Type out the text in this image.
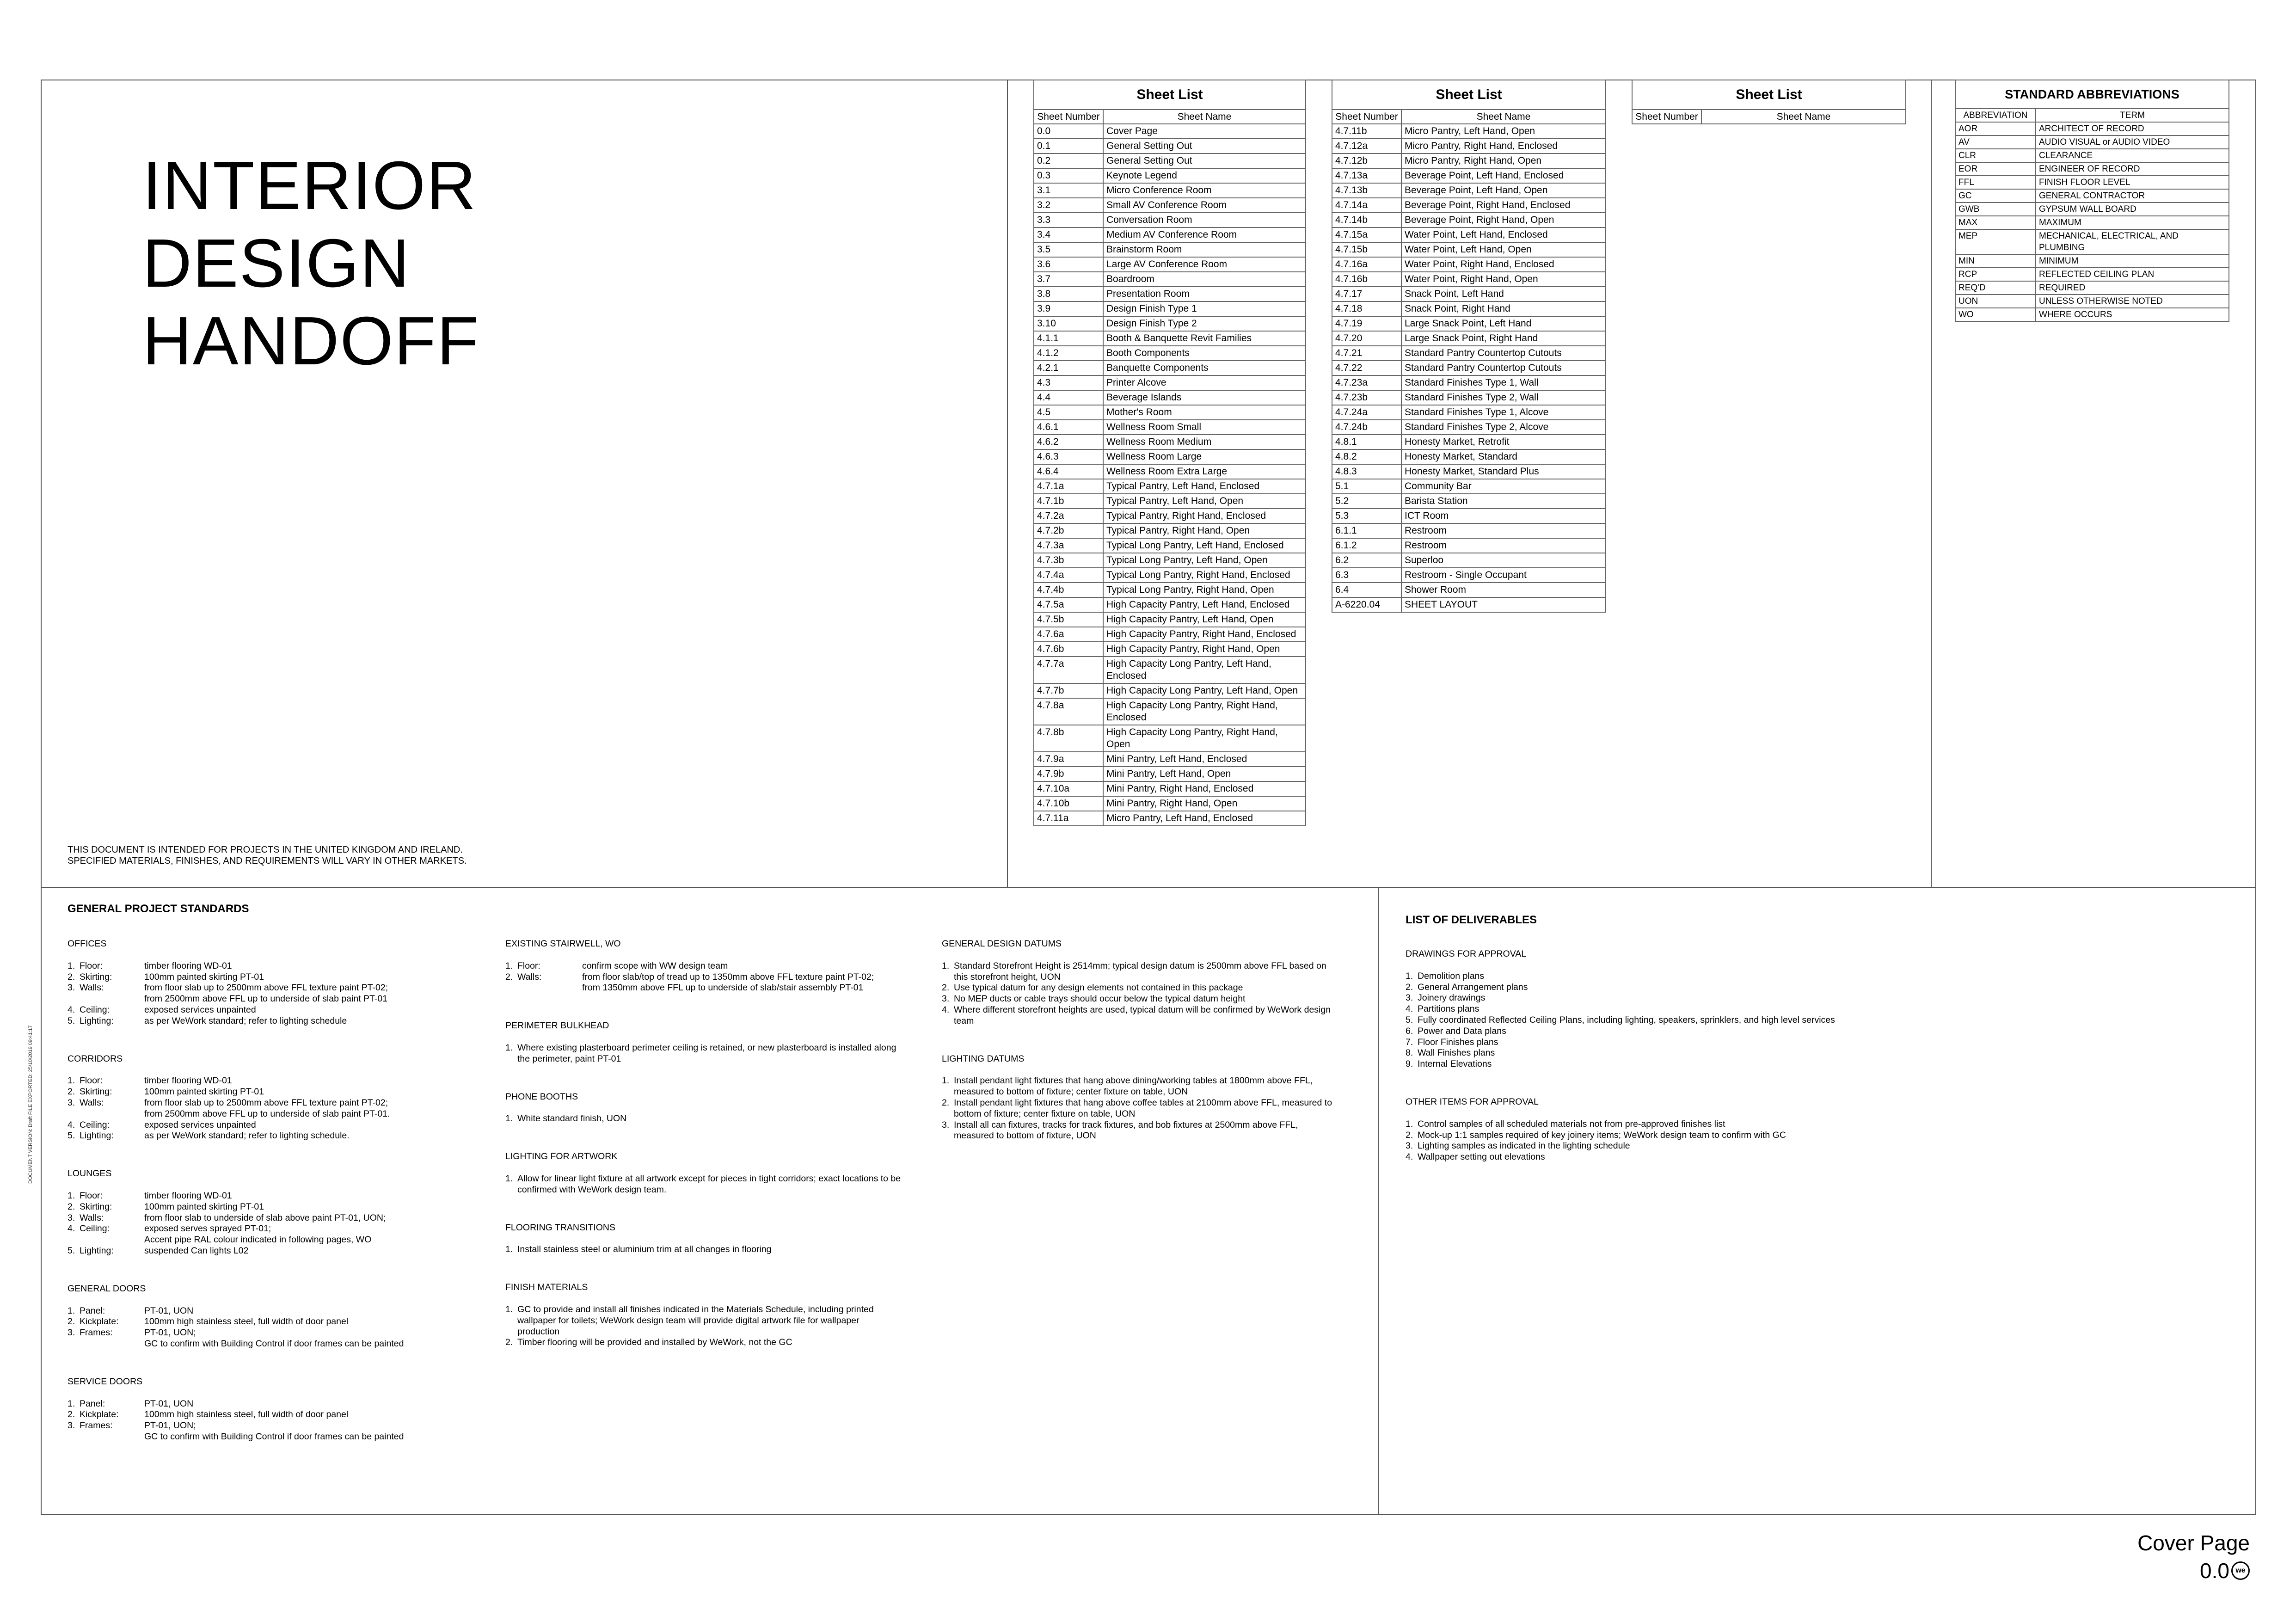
INTERIOR
DESIGN
HANDOFF
THIS DOCUMENT IS INTENDED FOR PROJECTS IN THE UNITED KINGDOM AND IRELAND.
SPECIFIED MATERIALS, FINISHES, AND REQUIREMENTS WILL VARY IN OTHER MARKETS.
Sheet List	
Sheet Number	Sheet Name
0.0	Cover Page
0.1	General Setting Out
0.2	General Setting Out
0.3	Keynote Legend
3.1	Micro Conference Room
3.2	Small AV Conference Room
3.3	Conversation Room
3.4	Medium AV Conference Room
3.5	Brainstorm Room
3.6	Large AV Conference Room
3.7	Boardroom
3.8	Presentation Room
3.9	Design Finish Type 1
3.10	Design Finish Type 2
4.1.1	Booth & Banquette Revit Families
4.1.2	Booth Components
4.2.1	Banquette Components
4.3	Printer Alcove
4.4	Beverage Islands
4.5	Mother's Room
4.6.1	Wellness Room Small
4.6.2	Wellness Room Medium
4.6.3	Wellness Room Large
4.6.4	Wellness Room Extra Large
4.7.1a	Typical Pantry, Left Hand, Enclosed
4.7.1b	Typical Pantry, Left Hand, Open
4.7.2a	Typical Pantry, Right Hand, Enclosed
4.7.2b	Typical Pantry, Right Hand, Open
4.7.3a	Typical Long Pantry, Left Hand, Enclosed
4.7.3b	Typical Long Pantry, Left Hand, Open
4.7.4a	Typical Long Pantry, Right Hand, Enclosed
4.7.4b	Typical Long Pantry, Right Hand, Open
4.7.5a	High Capacity Pantry, Left Hand, Enclosed
4.7.5b	High Capacity Pantry, Left Hand, Open
4.7.6a	High Capacity Pantry, Right Hand, Enclosed
4.7.6b	High Capacity Pantry, Right Hand, Open
4.7.7a	High Capacity Long Pantry, Left Hand, Enclosed
4.7.7b	High Capacity Long Pantry, Left Hand, Open
4.7.8a	High Capacity Long Pantry, Right Hand, Enclosed
4.7.8b	High Capacity Long Pantry, Right Hand, Open
4.7.9a	Mini Pantry, Left Hand, Enclosed
4.7.9b	Mini Pantry, Left Hand, Open
4.7.10a	Mini Pantry, Right Hand, Enclosed
4.7.10b	Mini Pantry, Right Hand, Open
4.7.11a	Micro Pantry, Left Hand, Enclosed
Sheet List	
Sheet Number	Sheet Name
4.7.11b	Micro Pantry, Left Hand, Open
4.7.12a	Micro Pantry, Right Hand, Enclosed
4.7.12b	Micro Pantry, Right Hand, Open
4.7.13a	Beverage Point, Left Hand, Enclosed
4.7.13b	Beverage Point, Left Hand, Open
4.7.14a	Beverage Point, Right Hand, Enclosed
4.7.14b	Beverage Point, Right Hand, Open
4.7.15a	Water Point, Left Hand, Enclosed
4.7.15b	Water Point, Left Hand, Open
4.7.16a	Water Point, Right Hand, Enclosed
4.7.16b	Water Point, Right Hand, Open
4.7.17	Snack Point, Left Hand
4.7.18	Snack Point, Right Hand
4.7.19	Large Snack Point, Left Hand
4.7.20	Large Snack Point, Right Hand
4.7.21	Standard Pantry Countertop Cutouts
4.7.22	Standard Pantry Countertop Cutouts
4.7.23a	Standard Finishes Type 1, Wall
4.7.23b	Standard Finishes Type 2, Wall
4.7.24a	Standard Finishes Type 1, Alcove
4.7.24b	Standard Finishes Type 2, Alcove
4.8.1	Honesty Market, Retrofit
4.8.2	Honesty Market, Standard
4.8.3	Honesty Market, Standard Plus
5.1	Community Bar
5.2	Barista Station
5.3	ICT Room
6.1.1	Restroom
6.1.2	Restroom
6.2	Superloo
6.3	Restroom - Single Occupant
6.4	Shower Room
A-6220.04	SHEET LAYOUT
Sheet List
Sheet Number	Sheet Name
STANDARD ABBREVIATIONS	
ABBREVIATION	TERM
AOR	ARCHITECT OF RECORD
AV	AUDIO VISUAL or AUDIO VIDEO
CLR	CLEARANCE
EOR	ENGINEER OF RECORD
FFL	FINISH FLOOR LEVEL
GC	GENERAL CONTRACTOR
GWB	GYPSUM WALL BOARD
MAX	MAXIMUM
MEP	MECHANICAL, ELECTRICAL, AND PLUMBING
MIN	MINIMUM
RCP	REFLECTED CEILING PLAN
REQ'D	REQUIRED
UON	UNLESS OTHERWISE NOTED
WO	WHERE OCCURS
GENERAL PROJECT STANDARDS
OFFICES
1. Floor:	timber flooring WD-01
2. Skirting:	100mm painted skirting PT-01
3. Walls:	from floor slab up to 2500mm above FFL texture paint PT-02;
from 2500mm above FFL up to underside of slab paint PT-01
4. Ceiling:	exposed services unpainted
5. Lighting:	as per WeWork standard; refer to lighting schedule
CORRIDORS
1. Floor:	timber flooring WD-01
2. Skirting:	100mm painted skirting PT-01
3. Walls:	from floor slab up to 2500mm above FFL texture paint PT-02;
from 2500mm above FFL up to underside of slab paint PT-01.
4. Ceiling:	exposed services unpainted
5. Lighting:	as per WeWork standard; refer to lighting schedule.
LOUNGES
1. Floor:	timber flooring WD-01
2. Skirting:	100mm painted skirting PT-01
3. Walls:	from floor slab to underside of slab above paint PT-01, UON;
4. Ceiling:	exposed serves sprayed PT-01;
Accent pipe RAL colour indicated in following pages, WO
5. Lighting:	suspended Can lights L02
GENERAL DOORS
1. Panel:	PT-01, UON
2. Kickplate:	100mm high stainless steel, full width of door panel
3. Frames:	PT-01, UON;
GC to confirm with Building Control if door frames can be painted
SERVICE DOORS
1. Panel:	PT-01, UON
2. Kickplate:	100mm high stainless steel, full width of door panel
3. Frames:	PT-01, UON;
GC to confirm with Building Control if door frames can be painted
EXISTING STAIRWELL, WO
1. Floor:	confirm scope with WW design team
2. Walls:	from floor slab/top of tread up to 1350mm above FFL texture paint PT-02;
from 1350mm above FFL up to underside of slab/stair assembly PT-01
PERIMETER BULKHEAD
1. Where existing plasterboard perimeter ceiling is retained, or new plasterboard is installed along the perimeter, paint PT-01
PHONE BOOTHS
1. White standard finish, UON
LIGHTING FOR ARTWORK
1. Allow for linear light fixture at all artwork except for pieces in tight corridors; exact locations to be confirmed with WeWork design team.
FLOORING TRANSITIONS
1. Install stainless steel or aluminium trim at all changes in flooring
FINISH MATERIALS
1. GC to provide and install all finishes indicated in the Materials Schedule, including printed wallpaper for toilets; WeWork design team will provide digital artwork file for wallpaper production
2. Timber flooring will be provided and installed by WeWork, not the GC
GENERAL DESIGN DATUMS
1. Standard Storefront Height is 2514mm; typical design datum is 2500mm above FFL based on this storefront height, UON
2. Use typical datum for any design elements not contained in this package
3. No MEP ducts or cable trays should occur below the typical datum height
4. Where different storefront heights are used, typical datum will be confirmed by WeWork design team
LIGHTING DATUMS
1. Install pendant light fixtures that hang above dining/working tables at 1800mm above FFL, measured to bottom of fixture; center fixture on table, UON
2. Install pendant light fixtures that hang above coffee tables at 2100mm above FFL, measured to bottom of fixture; center fixture on table, UON
3. Install all can fixtures, tracks for track fixtures, and bob fixtures at 2500mm above FFL, measured to bottom of fixture, UON
LIST OF DELIVERABLES
DRAWINGS FOR APPROVAL
1. Demolition plans
2. General Arrangement plans
3. Joinery drawings
4. Partitions plans
5. Fully coordinated Reflected Ceiling Plans, including lighting, speakers, sprinklers, and high level services
6. Power and Data plans
7. Floor Finishes plans
8. Wall Finishes plans
9. Internal Elevations
OTHER ITEMS FOR APPROVAL
1. Control samples of all scheduled materials not from pre-approved finishes list
2. Mock-up 1:1 samples required of key joinery items; WeWork design team to confirm with GC
3. Lighting samples as indicated in the lighting schedule
4. Wallpaper setting out elevations
DOCUMENT VERSION: Draft FILE EXPORTED: 25/10/2019 09:41:17
Cover Page
0.0 we
